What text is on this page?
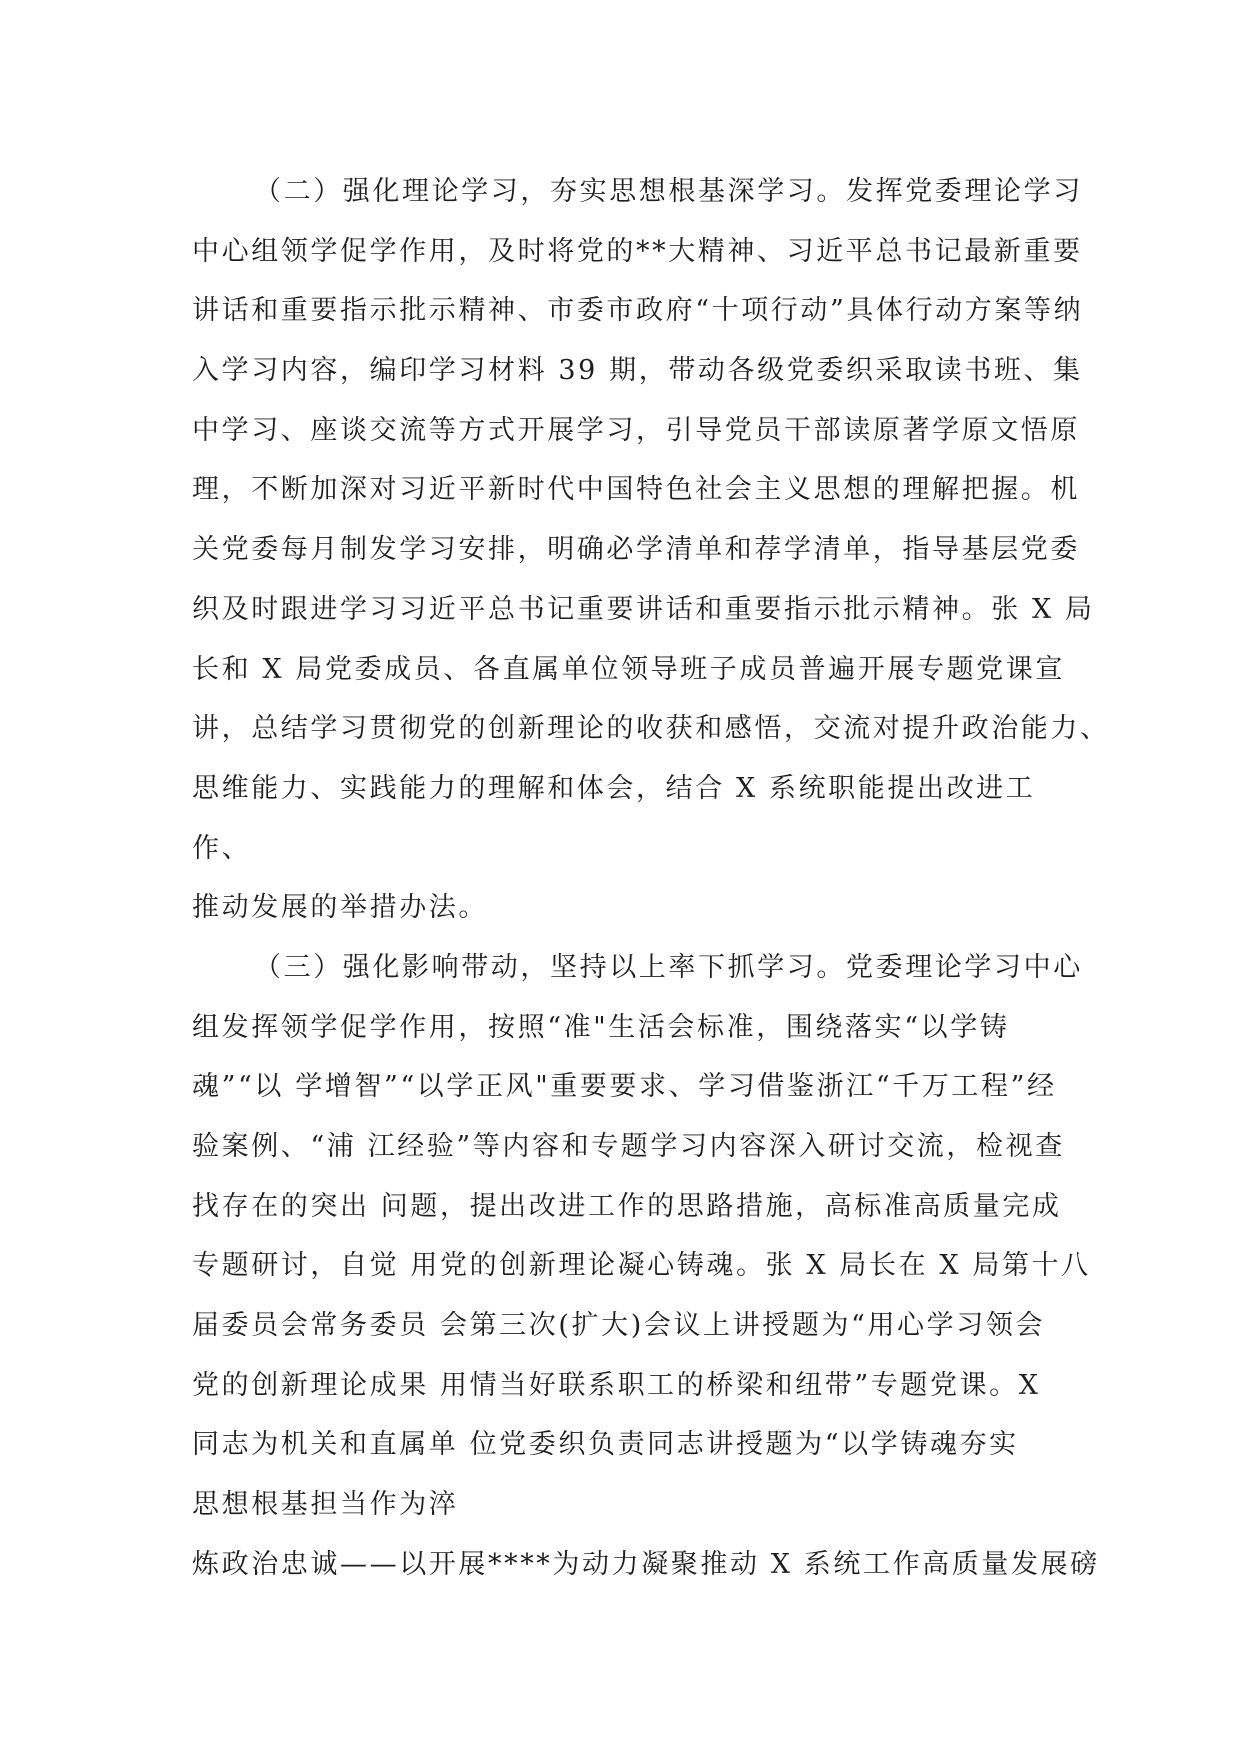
（二）强化理论学习，夯实思想根基深学习。发挥党委理论学习
中心组领学促学作用，及时将党的**大精神、习近平总书记最新重要
讲话和重要指示批示精神、市委市政府“十项行动”具体行动方案等纳
入学习内容，编印学习材料 39 期，带动各级党委织采取读书班、集
中学习、座谈交流等方式开展学习，引导党员干部读原著学原文悟原
理，不断加深对习近平新时代中国特色社会主义思想的理解把握。机
关党委每月制发学习安排，明确必学清单和荐学清单，指导基层党委
织及时跟进学习习近平总书记重要讲话和重要指示批示精神。张 X 局
长和 X 局党委成员、各直属单位领导班子成员普遍开展专题党课宣
讲，总结学习贯彻党的创新理论的收获和感悟，交流对提升政治能力、
思维能力、实践能力的理解和体会，结合 X 系统职能提出改进工
作、
推动发展的举措办法。
（三）强化影响带动，坚持以上率下抓学习。党委理论学习中心
组发挥领学促学作用，按照“准"生活会标准，围绕落实“以学铸
魂”“以 学增智”“以学正风"重要要求、学习借鉴浙江“千万工程”经
验案例、“浦 江经验”等内容和专题学习内容深入研讨交流，检视查
找存在的突出 问题，提出改进工作的思路措施，高标准高质量完成
专题研讨，自觉 用党的创新理论凝心铸魂。张 X 局长在 X 局第十八
届委员会常务委员 会第三次(扩大)会议上讲授题为“用心学习领会
党的创新理论成果 用情当好联系职工的桥梁和纽带”专题党课。X
同志为机关和直属单 位党委织负责同志讲授题为“以学铸魂夯实
思想根基担当作为淬
炼政治忠诚——以开展****为动力凝聚推动 X 系统工作高质量发展磅
